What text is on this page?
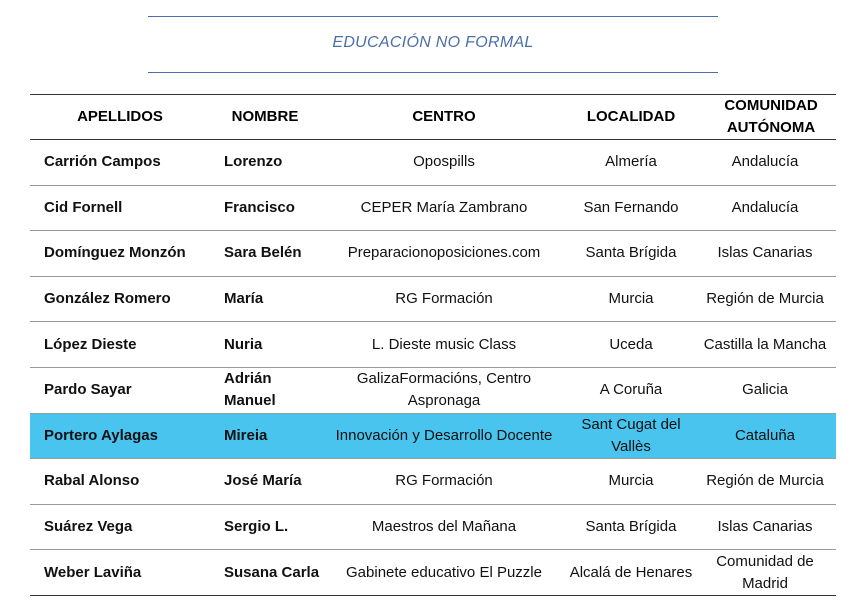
EDUCACIÓN NO FORMAL
APELLIDOS	NOMBRE	CENTRO	LOCALIDAD	COMUNIDAD AUTÓNOMA
Carrión Campos	Lorenzo	Opospills	Almería	Andalucía
Cid Fornell	Francisco	CEPER María Zambrano	San Fernando	Andalucía
Domínguez Monzón	Sara Belén	Preparacionoposiciones.com	Santa Brígida	Islas Canarias
González Romero	María	RG Formación	Murcia	Región de Murcia
López Dieste	Nuria	L. Dieste music Class	Uceda	Castilla la Mancha
Pardo Sayar	Adrián Manuel	GalizaFormacións, Centro Aspronaga	A Coruña	Galicia
Portero Aylagas	Mireia	Innovación y Desarrollo Docente	Sant Cugat del Vallès	Cataluña
Rabal Alonso	José María	RG Formación	Murcia	Región de Murcia
Suárez Vega	Sergio L.	Maestros del Mañana	Santa Brígida	Islas Canarias
Weber Laviña	Susana Carla	Gabinete educativo El Puzzle	Alcalá de Henares	Comunidad de Madrid
